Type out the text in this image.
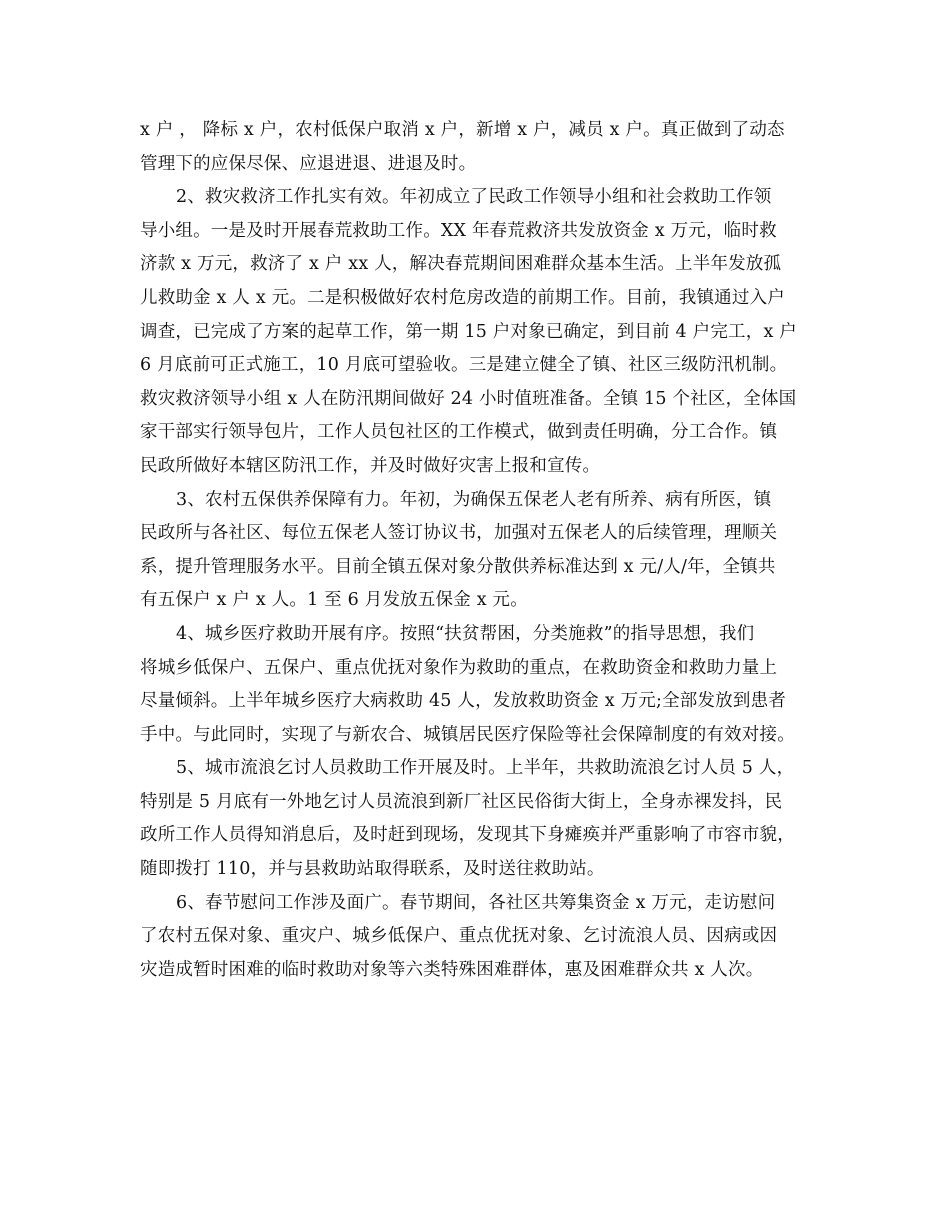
x 户 ， 降标 x 户，农村低保户取消 x 户，新增 x 户，减员 x 户。真正做到了动态
管理下的应保尽保、应退进退、进退及时。
2、救灾救济工作扎实有效。年初成立了民政工作领导小组和社会救助工作领
导小组。一是及时开展春荒救助工作。XX 年春荒救济共发放资金 x 万元，临时救
济款 x 万元，救济了 x 户 xx 人，解决春荒期间困难群众基本生活。上半年发放孤
儿救助金 x 人 x 元。二是积极做好农村危房改造的前期工作。目前，我镇通过入户
调查，已完成了方案的起草工作，第一期 15 户对象已确定，到目前 4 户完工，x 户
6 月底前可正式施工，10 月底可望验收。三是建立健全了镇、社区三级防汛机制。
救灾救济领导小组 x 人在防汛期间做好 24 小时值班准备。全镇 15 个社区，全体国
家干部实行领导包片，工作人员包社区的工作模式，做到责任明确，分工合作。镇
民政所做好本辖区防汛工作，并及时做好灾害上报和宣传。
3、农村五保供养保障有力。年初，为确保五保老人老有所养、病有所医，镇
民政所与各社区、每位五保老人签订协议书，加强对五保老人的后续管理，理顺关
系，提升管理服务水平。目前全镇五保对象分散供养标准达到 x 元/人/年，全镇共
有五保户 x 户 x 人。1 至 6 月发放五保金 x 元。
4、城乡医疗救助开展有序。按照“扶贫帮困，分类施救”的指导思想，我们
将城乡低保户、五保户、重点优抚对象作为救助的重点，在救助资金和救助力量上
尽量倾斜。上半年城乡医疗大病救助 45 人，发放救助资金 x 万元;全部发放到患者
手中。与此同时，实现了与新农合、城镇居民医疗保险等社会保障制度的有效对接。
5、城市流浪乞讨人员救助工作开展及时。上半年，共救助流浪乞讨人员 5 人，
特别是 5 月底有一外地乞讨人员流浪到新厂社区民俗街大街上，全身赤裸发抖，民
政所工作人员得知消息后，及时赶到现场，发现其下身瘫痪并严重影响了市容市貌，
随即拨打 110，并与县救助站取得联系，及时送往救助站。
6、春节慰问工作涉及面广。春节期间，各社区共筹集资金 x 万元，走访慰问
了农村五保对象、重灾户、城乡低保户、重点优抚对象、乞讨流浪人员、因病或因
灾造成暂时困难的临时救助对象等六类特殊困难群体，惠及困难群众共 x 人次。
